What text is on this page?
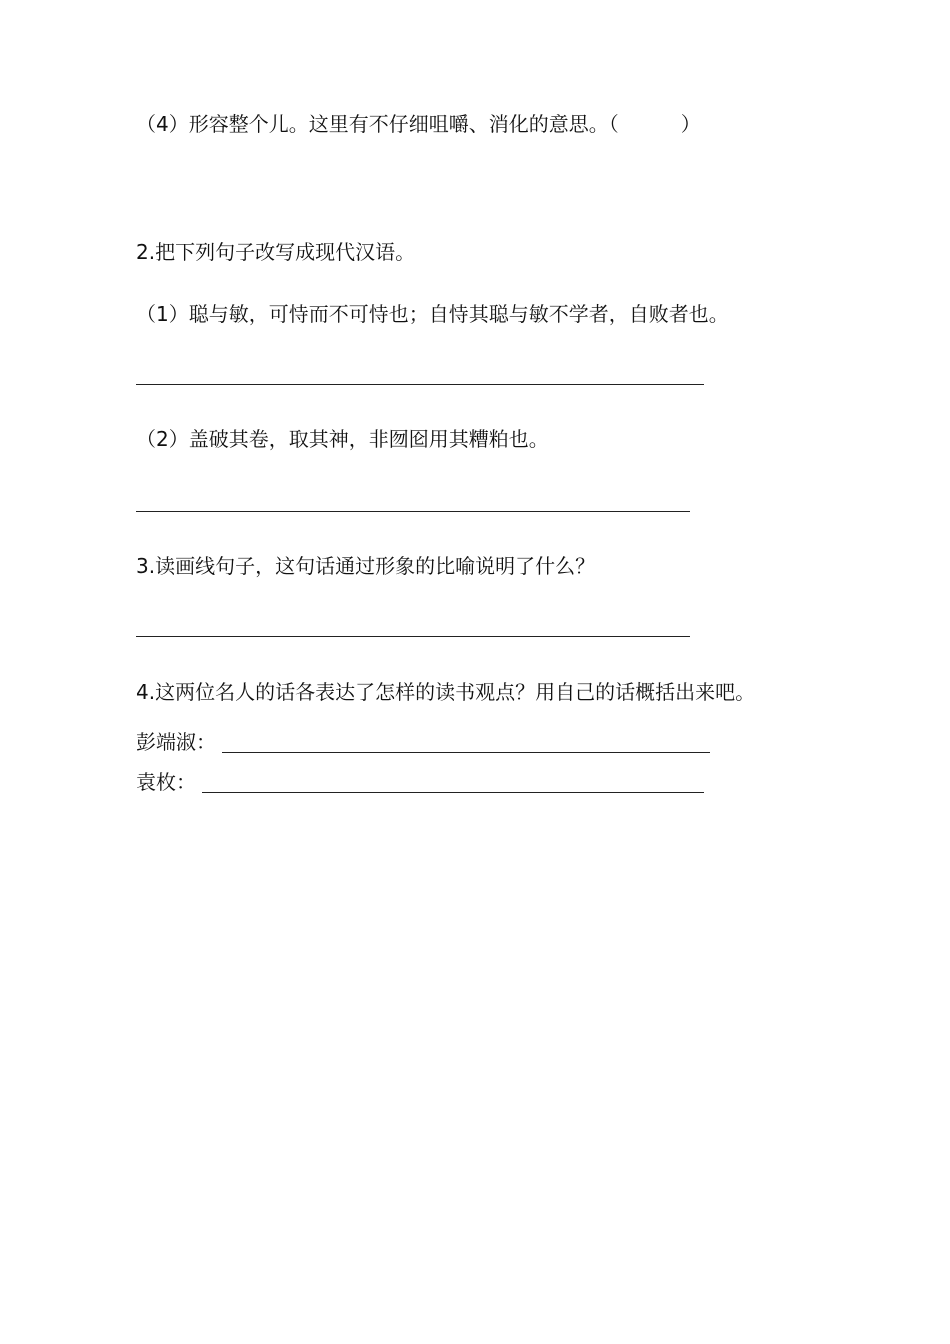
（4）形容整个儿。这里有不仔细咀嚼、消化的意思。（	）
2.把下列句子改写成现代汉语。
（1）聪与敏，可恃而不可恃也；自恃其聪与敏不学者，自败者也。
（2）盖破其卷，取其神，非囫囵用其糟粕也。
3.读画线句子，这句话通过形象的比喻说明了什么？
4.这两位名人的话各表达了怎样的读书观点？用自己的话概括出来吧。
彭端淑：
袁枚：
